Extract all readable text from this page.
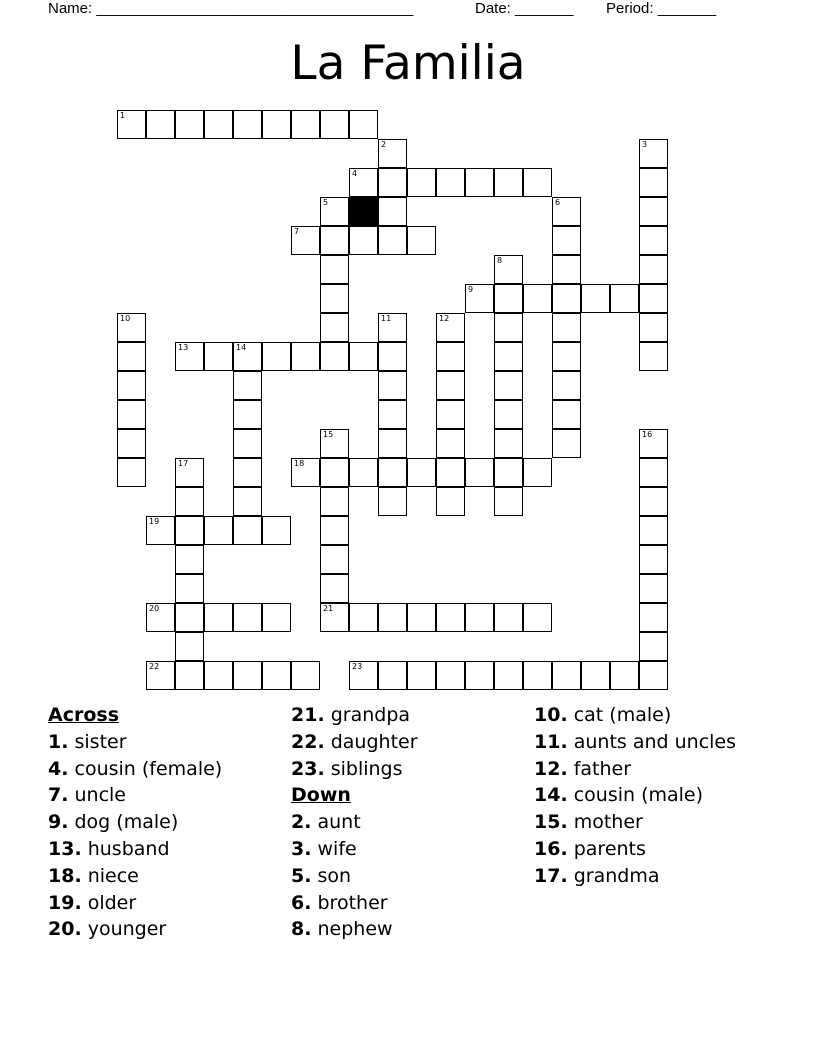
Name: ______________________________________	Date: _______ Period: _______
La Familia
1
2	3
4
5	6
7
8
9
10	11	12
13	14
15	16
17	18
19
20	21
22	23
Across
1. sister
4. cousin (female)
7. uncle
9. dog (male)
13. husband
18. niece
19. older
20. younger
21. grandpa
22. daughter
23. siblings
Down
2. aunt
3. wife
5. son
6. brother
8. nephew
10. cat (male)
11. aunts and uncles
12. father
14. cousin (male)
15. mother
16. parents
17. grandma
